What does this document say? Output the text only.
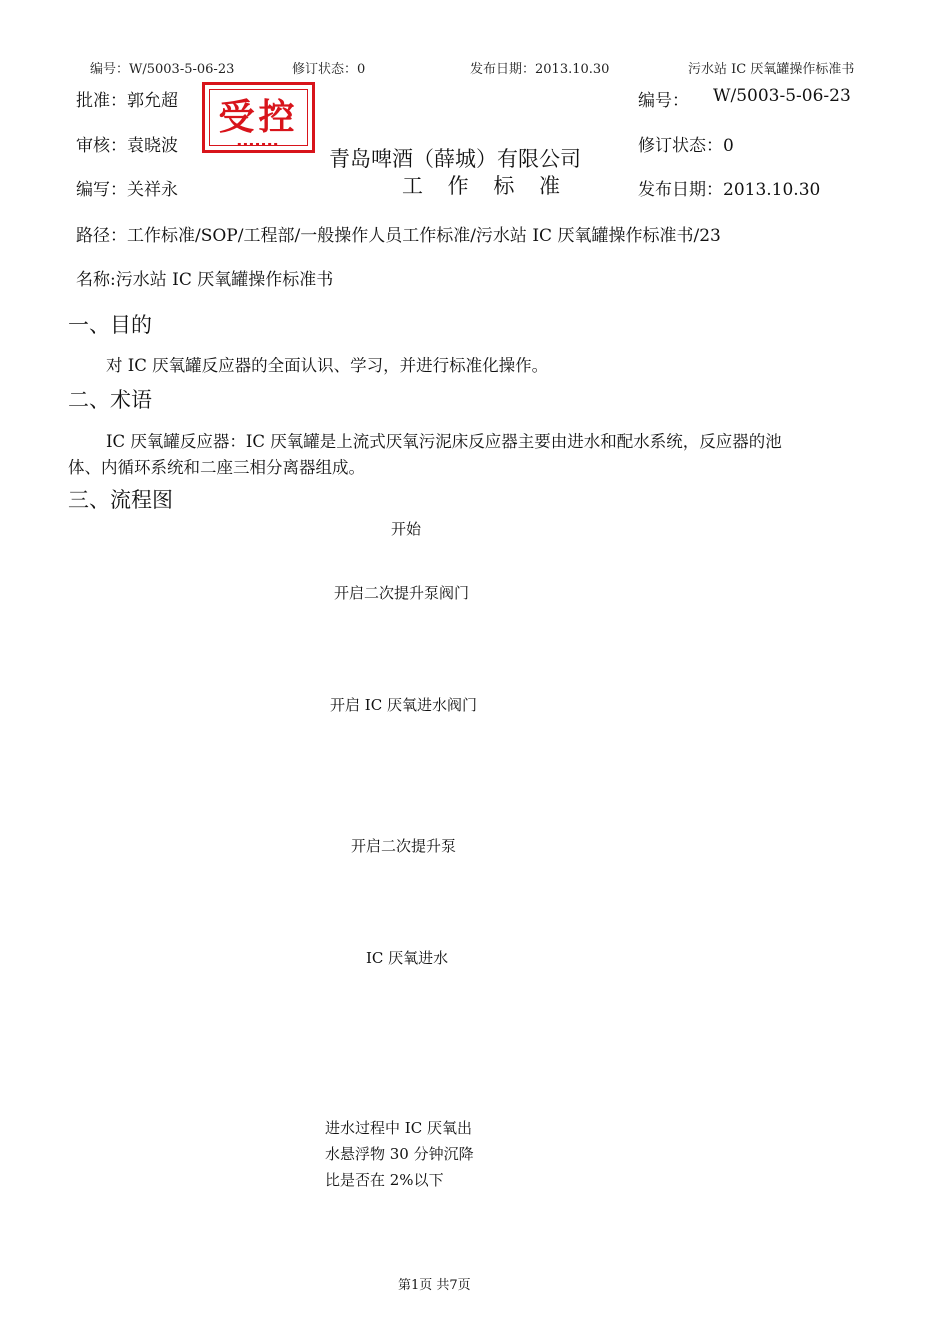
编号：W/5003-5-06-23	修订状态：0	发布日期：2013.10.30	污水站 IC 厌氧罐操作标准书
批准：郭允超
审核：袁晓波
编写：关祥永
受控
▪▪▪▪▪▪▪
青岛啤酒（薛城）有限公司
工 作 标 准
编号： W/5003-5-06-23
修订状态：0
发布日期：2013.10.30
路径：工作标准/SOP/工程部/一般操作人员工作标准/污水站 IC 厌氧罐操作标准书/23
名称:污水站 IC 厌氧罐操作标准书
一、目的
对 IC 厌氧罐反应器的全面认识、学习，并进行标准化操作。
二、术语
IC 厌氧罐反应器：IC 厌氧罐是上流式厌氧污泥床反应器主要由进水和配水系统，反应器的池
体、内循环系统和二座三相分离器组成。
三、流程图
开始
开启二次提升泵阀门
开启 IC 厌氧进水阀门
开启二次提升泵
IC 厌氧进水
进水过程中 IC 厌氧出
水悬浮物 30 分钟沉降
比是否在 2%以下
第1页 共7页
